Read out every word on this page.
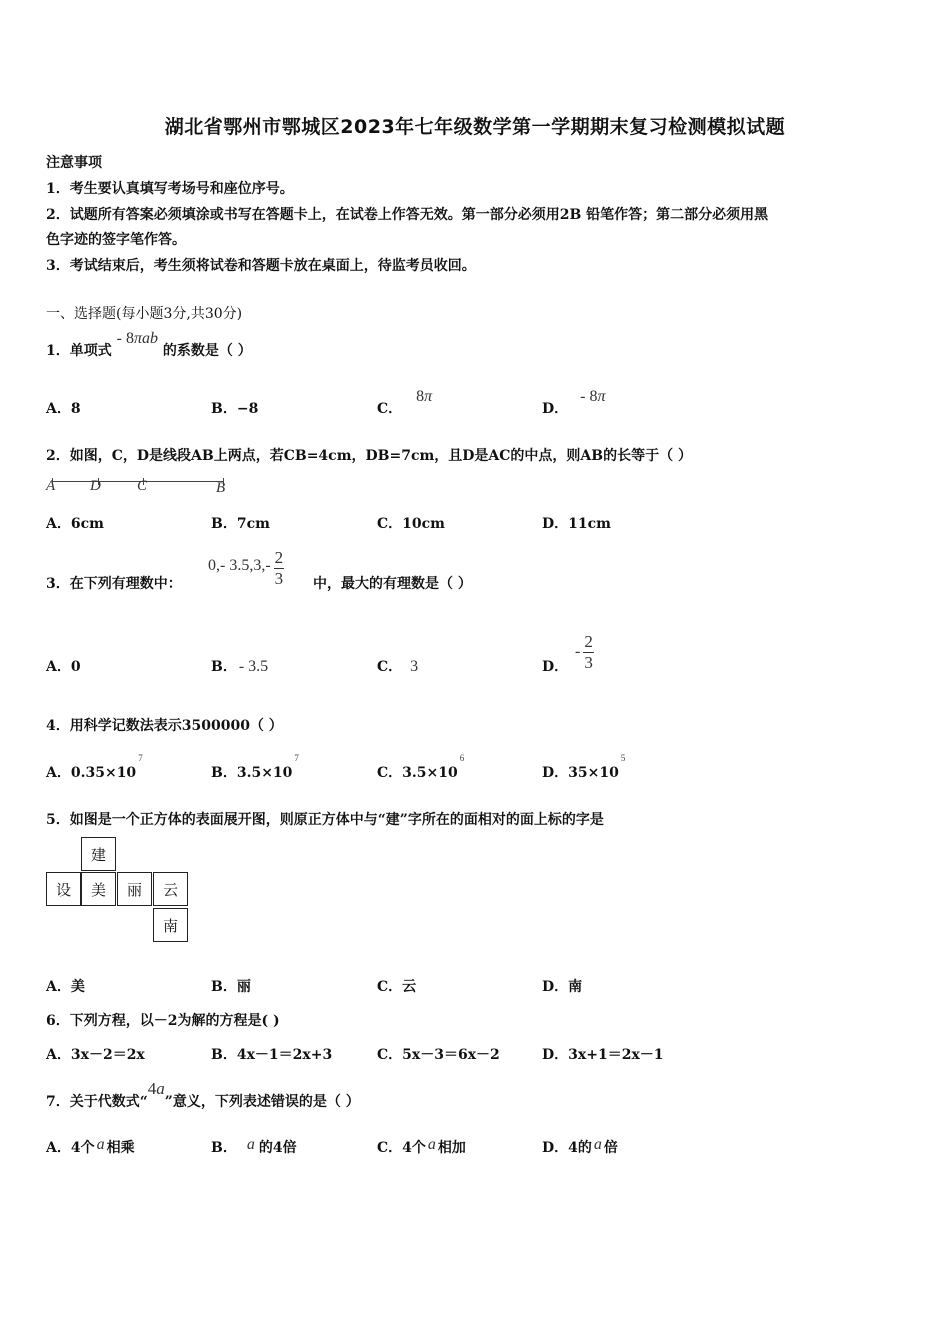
湖北省鄂州市鄂城区2023年七年级数学第一学期期末复习检测模拟试题
注意事项
1．考生要认真填写考场号和座位序号。
2．试题所有答案必须填涂或书写在答题卡上，在试卷上作答无效。第一部分必须用2B 铅笔作答；第二部分必须用黑
色字迹的签字笔作答。
3．考试结束后，考生须将试卷和答题卡放在桌面上，待监考员收回。
一、选择题(每小题3分,共30分)
1．单项式 - 8πab 的系数是（ ）
A．8	B．−8	C．8π
D．- 8π
2．如图，C，D是线段AB上两点，若CB=4cm，DB=7cm，且D是AC的中点，则AB的长等于（ ）
A D C	B
A．6cm	B．7cm	C．10cm	D．11cm
3．在下列有理数中：
0,- $3.5,3,- \frac{2}{3}$ 中，最大的有理数是（ ）
A．0	B． - 3.5	C． 3	D．
- $\frac{2}{3}$
4．用科学记数法表示3500000（ ）
A．$0.35\times 10^7$
B．$3.5\times 10^7$
C．$3.5\times 10^6$
D．$35\times 10^5$
5．如图是一个正方体的表面展开图，则原正方体中与“建”字所在的面相对的面上标的字是
建
设	美	丽	云
南
A．美	B．丽	C．云	D．南
6．下列方程，以－2为解的方程是( )
A．3x－2＝2x	B．4x－1＝2x+3	C．5x－3＝6x－2	D．3x+1＝2x－1
7．关于代数式“4a”意义，下列表述错误的是（ ）
A．4个 a 相乘	B． a 的4倍	C．4个 a 相加	D．4的 a 倍
